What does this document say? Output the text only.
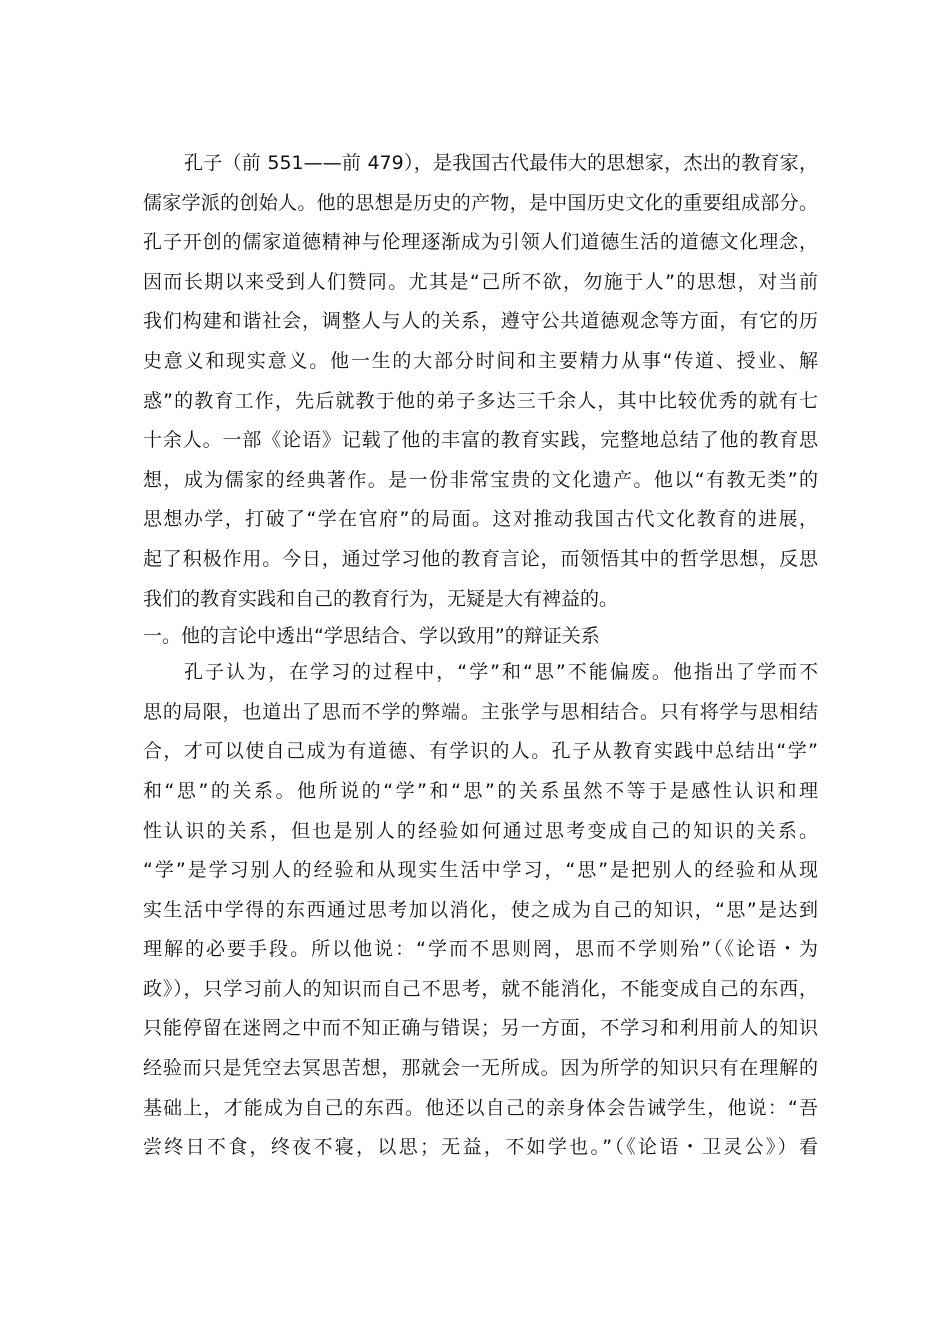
孔子（前 551——前 479），是我国古代最伟大的思想家，杰出的教育家，
儒家学派的创始人。他的思想是历史的产物，是中国历史文化的重要组成部分。
孔子开创的儒家道德精神与伦理逐渐成为引领人们道德生活的道德文化理念，
因而长期以来受到人们赞同。尤其是“己所不欲，勿施于人”的思想，对当前
我们构建和谐社会，调整人与人的关系，遵守公共道德观念等方面，有它的历
史意义和现实意义。他一生的大部分时间和主要精力从事“传道、授业、解
惑”的教育工作，先后就教于他的弟子多达三千余人，其中比较优秀的就有七
十余人。一部《论语》记载了他的丰富的教育实践，完整地总结了他的教育思
想，成为儒家的经典著作。是一份非常宝贵的文化遗产。他以“有教无类”的
思想办学，打破了“学在官府”的局面。这对推动我国古代文化教育的进展，
起了积极作用。今日，通过学习他的教育言论，而领悟其中的哲学思想，反思
我们的教育实践和自己的教育行为，无疑是大有裨益的。
一。他的言论中透出“学思结合、学以致用”的辩证关系
孔子认为，在学习的过程中，“学”和“思”不能偏废。他指出了学而不
思的局限，也道出了思而不学的弊端。主张学与思相结合。只有将学与思相结
合，才可以使自己成为有道德、有学识的人。孔子从教育实践中总结出“学”
和“思”的关系。他所说的“学”和“思”的关系虽然不等于是感性认识和理
性认识的关系，但也是别人的经验如何通过思考变成自己的知识的关系。
“学”是学习别人的经验和从现实生活中学习，“思”是把别人的经验和从现
实生活中学得的东西通过思考加以消化，使之成为自己的知识，“思”是达到
理解的必要手段。所以他说：“学而不思则罔，思而不学则殆”（《论语・为
政》），只学习前人的知识而自己不思考，就不能消化，不能变成自己的东西，
只能停留在迷罔之中而不知正确与错误；另一方面，不学习和利用前人的知识
经验而只是凭空去冥思苦想，那就会一无所成。因为所学的知识只有在理解的
基础上，才能成为自己的东西。他还以自己的亲身体会告诫学生，他说：“吾
尝终日不食，终夜不寝，以思；无益，不如学也。”（《论语・卫灵公》）看
